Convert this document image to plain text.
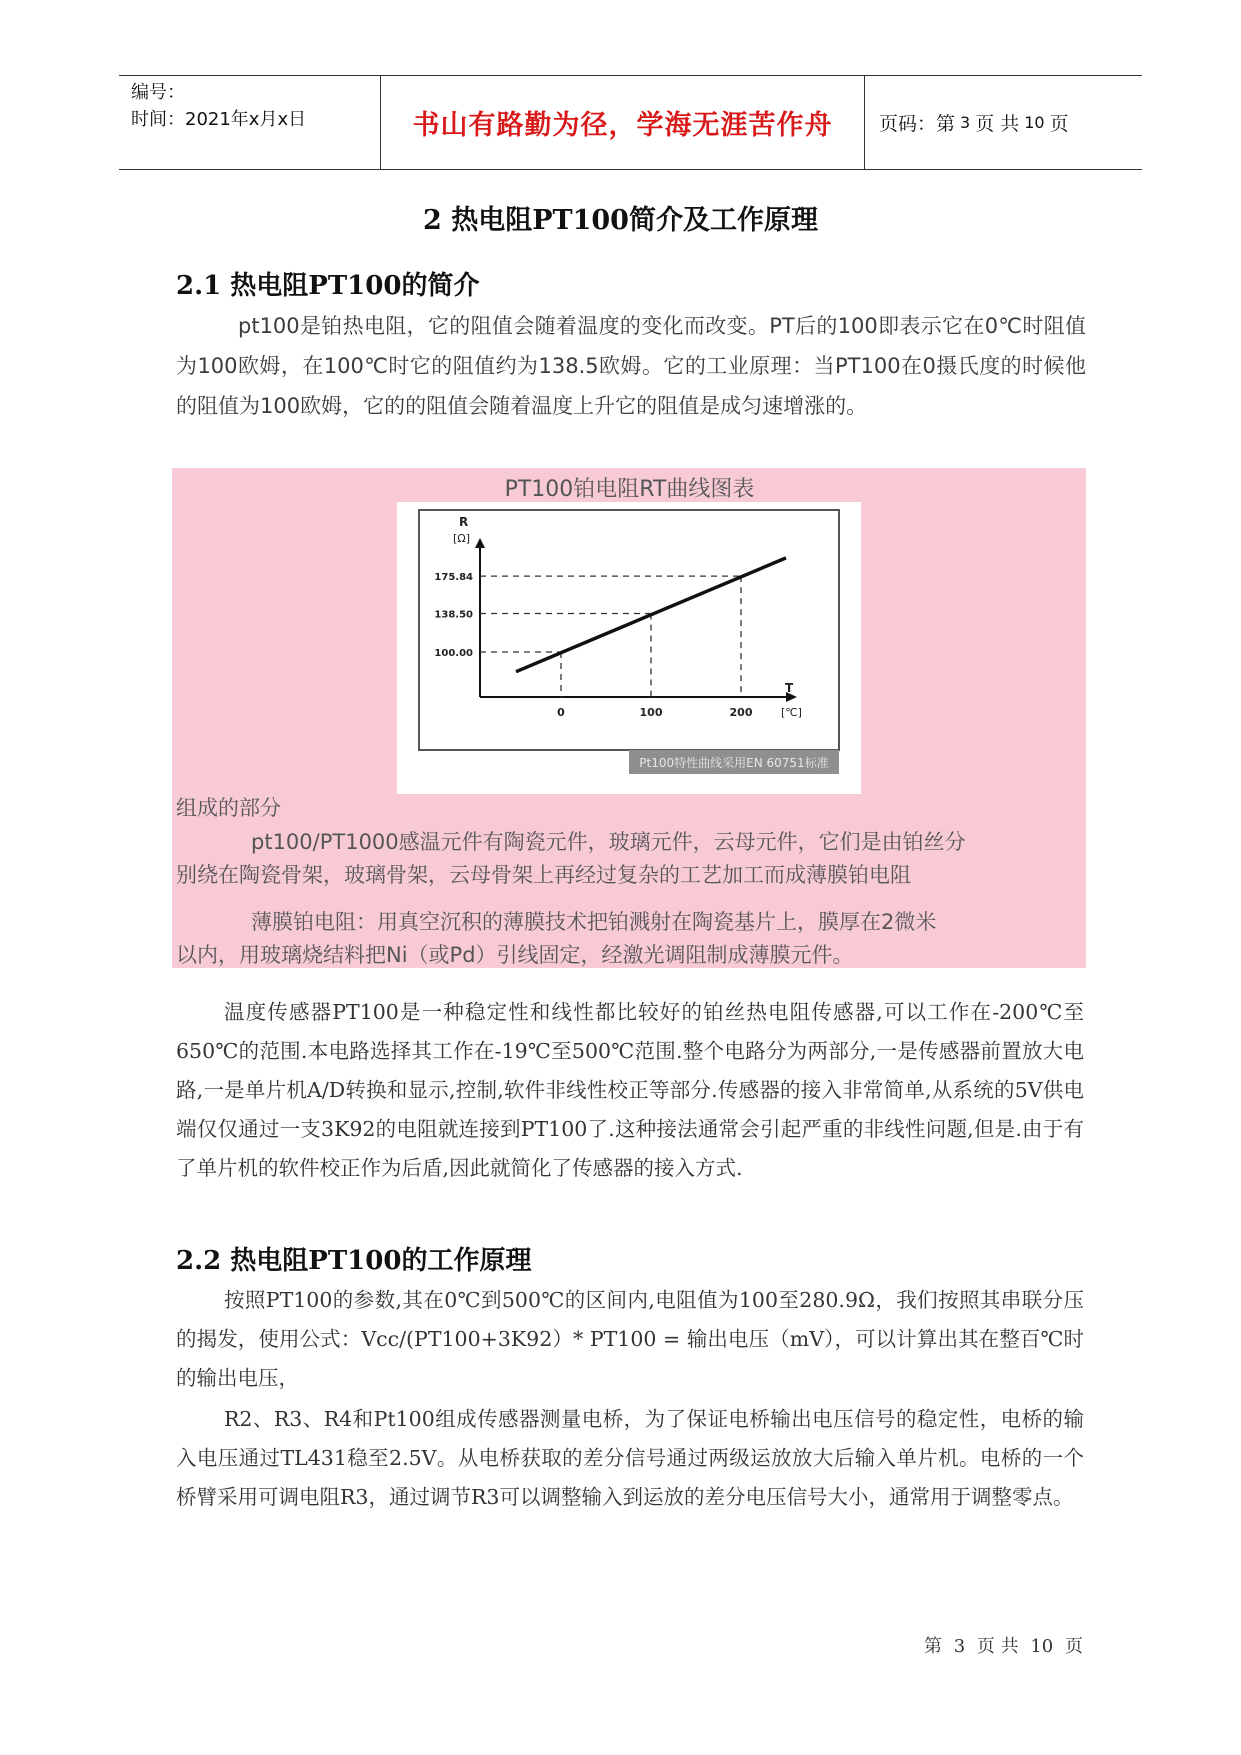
编号：
时间：2021年x月x日	书山有路勤为径，学海无涯苦作舟	页码：第 3 页 共 10 页
2 热电阻PT100简介及工作原理
2.1 热电阻PT100的简介
pt100是铂热电阻，它的阻值会随着温度的变化而改变。PT后的100即表示它在0℃时阻值为100欧姆，在100℃时它的阻值约为138.5欧姆。它的工业原理：当PT100在0摄氏度的时候他的阻值为100欧姆，它的的阻值会随着温度上升它的阻值是成匀速增涨的。
PT100铂电阻RT曲线图表
R
[Ω]
T
[℃]
100.00
0
138.50
100
175.84
200
Pt100特性曲线采用EN 60751标准
组成的部分
pt100/PT1000感温元件有陶瓷元件，玻璃元件，云母元件，它们是由铂丝分
别绕在陶瓷骨架，玻璃骨架，云母骨架上再经过复杂的工艺加工而成薄膜铂电阻
薄膜铂电阻：用真空沉积的薄膜技术把铂溅射在陶瓷基片上，膜厚在2微米
以内，用玻璃烧结料把Ni（或Pd）引线固定，经激光调阻制成薄膜元件。
温度传感器PT100是一种稳定性和线性都比较好的铂丝热电阻传感器,可以工作在-200℃至650℃的范围.本电路选择其工作在-19℃至500℃范围.整个电路分为两部分,一是传感器前置放大电路,一是单片机A/D转换和显示,控制,软件非线性校正等部分.传感器的接入非常简单,从系统的5V供电端仅仅通过一支3K92的电阻就连接到PT100了.这种接法通常会引起严重的非线性问题,但是.由于有了单片机的软件校正作为后盾,因此就简化了传感器的接入方式.
2.2 热电阻PT100的工作原理
按照PT100的参数,其在0℃到500℃的区间内,电阻值为100至280.9Ω，我们按照其串联分压的揭发，使用公式：Vcc/(PT100+3K92）* PT100 = 输出电压（mV），可以计算出其在整百℃时的输出电压，
R2、R3、R4和Pt100组成传感器测量电桥，为了保证电桥输出电压信号的稳定性，电桥的输入电压通过TL431稳至2.5V。从电桥获取的差分信号通过两级运放放大后输入单片机。电桥的一个桥臂采用可调电阻R3，通过调节R3可以调整输入到运放的差分电压信号大小，通常用于调整零点。
第 3 页 共 10 页
